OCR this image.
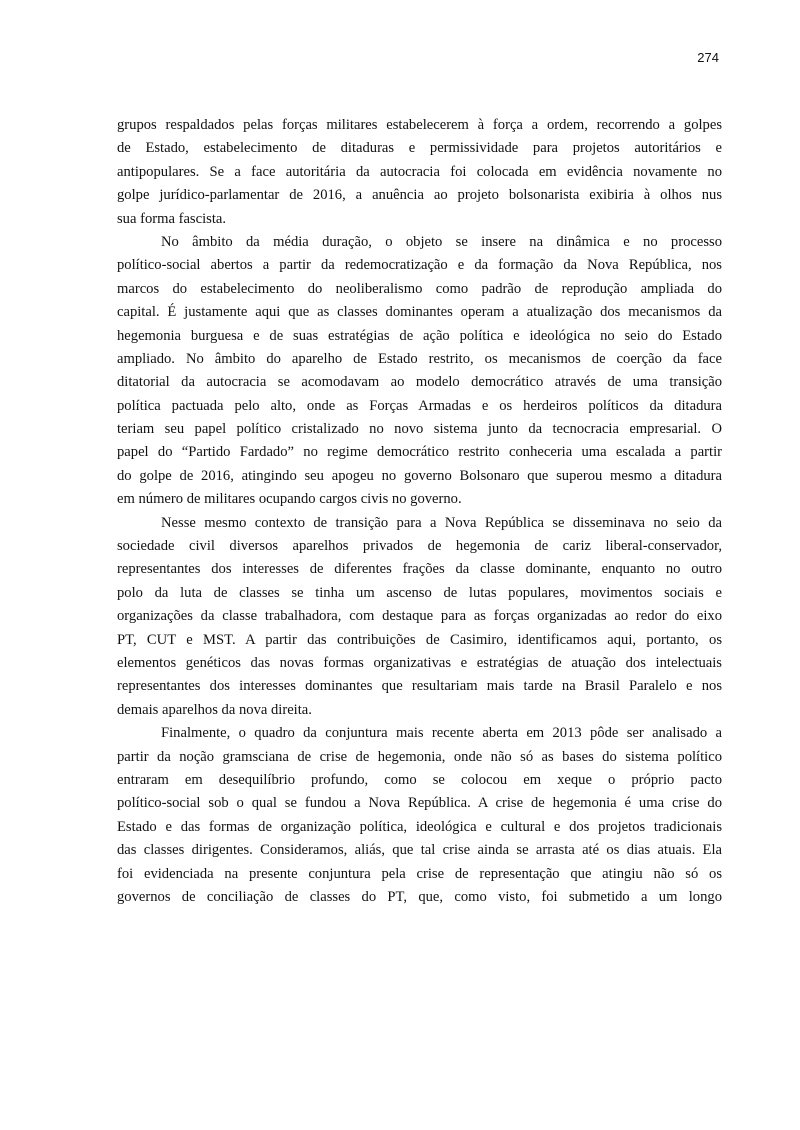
274
grupos respaldados pelas forças militares estabelecerem à força a ordem, recorrendo a golpes
de Estado, estabelecimento de ditaduras e permissividade para projetos autoritários e
antipopulares. Se a face autoritária da autocracia foi colocada em evidência novamente no
golpe jurídico-parlamentar de 2016, a anuência ao projeto bolsonarista exibiria à olhos nus
sua forma fascista.
No âmbito da média duração, o objeto se insere na dinâmica e no processo
político-social abertos a partir da redemocratização e da formação da Nova República, nos
marcos do estabelecimento do neoliberalismo como padrão de reprodução ampliada do
capital. É justamente aqui que as classes dominantes operam a atualização dos mecanismos da
hegemonia burguesa e de suas estratégias de ação política e ideológica no seio do Estado
ampliado. No âmbito do aparelho de Estado restrito, os mecanismos de coerção da face
ditatorial da autocracia se acomodavam ao modelo democrático através de uma transição
política pactuada pelo alto, onde as Forças Armadas e os herdeiros políticos da ditadura
teriam seu papel político cristalizado no novo sistema junto da tecnocracia empresarial. O
papel do “Partido Fardado” no regime democrático restrito conheceria uma escalada a partir
do golpe de 2016, atingindo seu apogeu no governo Bolsonaro que superou mesmo a ditadura
em número de militares ocupando cargos civis no governo.
Nesse mesmo contexto de transição para a Nova República se disseminava no seio da
sociedade civil diversos aparelhos privados de hegemonia de cariz liberal-conservador,
representantes dos interesses de diferentes frações da classe dominante, enquanto no outro
polo da luta de classes se tinha um ascenso de lutas populares, movimentos sociais e
organizações da classe trabalhadora, com destaque para as forças organizadas ao redor do eixo
PT, CUT e MST. A partir das contribuições de Casimiro, identificamos aqui, portanto, os
elementos genéticos das novas formas organizativas e estratégias de atuação dos intelectuais
representantes dos interesses dominantes que resultariam mais tarde na Brasil Paralelo e nos
demais aparelhos da nova direita.
Finalmente, o quadro da conjuntura mais recente aberta em 2013 pôde ser analisado a
partir da noção gramsciana de crise de hegemonia, onde não só as bases do sistema político
entraram em desequilíbrio profundo, como se colocou em xeque o próprio pacto
político-social sob o qual se fundou a Nova República. A crise de hegemonia é uma crise do
Estado e das formas de organização política, ideológica e cultural e dos projetos tradicionais
das classes dirigentes. Consideramos, aliás, que tal crise ainda se arrasta até os dias atuais. Ela
foi evidenciada na presente conjuntura pela crise de representação que atingiu não só os
governos de conciliação de classes do PT, que, como visto, foi submetido a um longo
